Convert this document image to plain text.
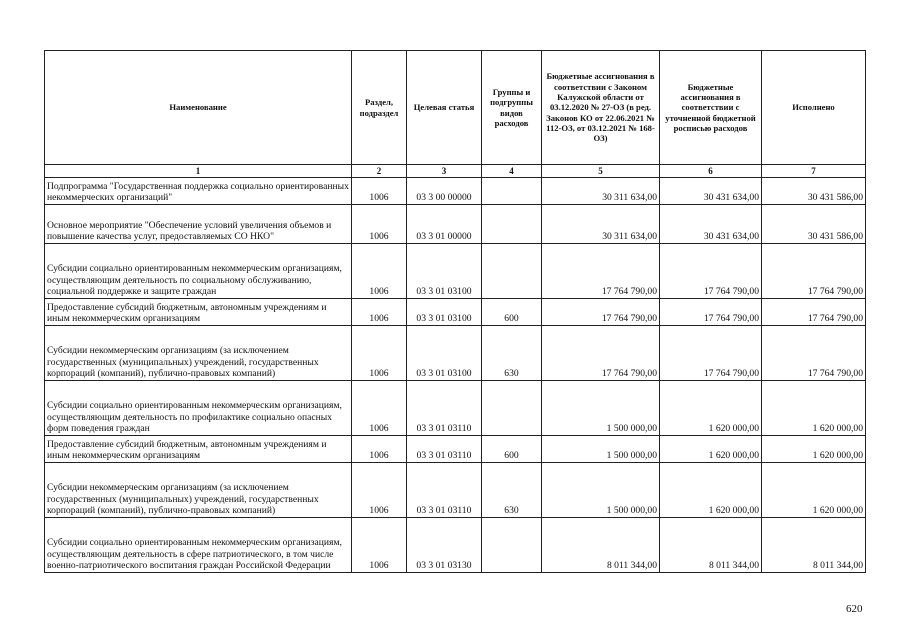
Наименование	Раздел, подраздел	Целевая статья	Группы и подгруппы видов расходов	Бюджетные ассигнования в соответствии с Законом Калужской области от 03.12.2020 № 27-ОЗ (в ред. Законов КО от 22.06.2021 № 112-ОЗ, от 03.12.2021 № 168-ОЗ)	Бюджетные ассигнования в соответствии с уточненной бюджетной росписью расходов	Исполнено
1	2	3	4	5	6	7
Подпрограмма "Государственная поддержка социально ориентированных некоммерческих организаций"	1006	03 3 00 00000		30 311 634,00	30 431 634,00	30 431 586,00
Основное мероприятие "Обеспечение условий увеличения объемов и повышение качества услуг, предоставляемых СО НКО"	1006	03 3 01 00000		30 311 634,00	30 431 634,00	30 431 586,00
Субсидии социально ориентированным некоммерческим организациям, осуществляющим деятельность по социальному обслуживанию, социальной поддержке и защите граждан	1006	03 3 01 03100		17 764 790,00	17 764 790,00	17 764 790,00
Предоставление субсидий бюджетным, автономным учреждениям и иным некоммерческим организациям	1006	03 3 01 03100	600	17 764 790,00	17 764 790,00	17 764 790,00
Субсидии некоммерческим организациям (за исключением государственных (муниципальных) учреждений, государственных корпораций (компаний), публично-правовых компаний)	1006	03 3 01 03100	630	17 764 790,00	17 764 790,00	17 764 790,00
Субсидии социально ориентированным некоммерческим организациям, осуществляющим деятельность по профилактике социально опасных форм поведения граждан	1006	03 3 01 03110		1 500 000,00	1 620 000,00	1 620 000,00
Предоставление субсидий бюджетным, автономным учреждениям и иным некоммерческим организациям	1006	03 3 01 03110	600	1 500 000,00	1 620 000,00	1 620 000,00
Субсидии некоммерческим организациям (за исключением государственных (муниципальных) учреждений, государственных корпораций (компаний), публично-правовых компаний)	1006	03 3 01 03110	630	1 500 000,00	1 620 000,00	1 620 000,00
Субсидии социально ориентированным некоммерческим организациям, осуществляющим деятельность в сфере патриотического, в том числе военно-патриотического воспитания граждан Российской Федерации	1006	03 3 01 03130		8 011 344,00	8 011 344,00	8 011 344,00
620
